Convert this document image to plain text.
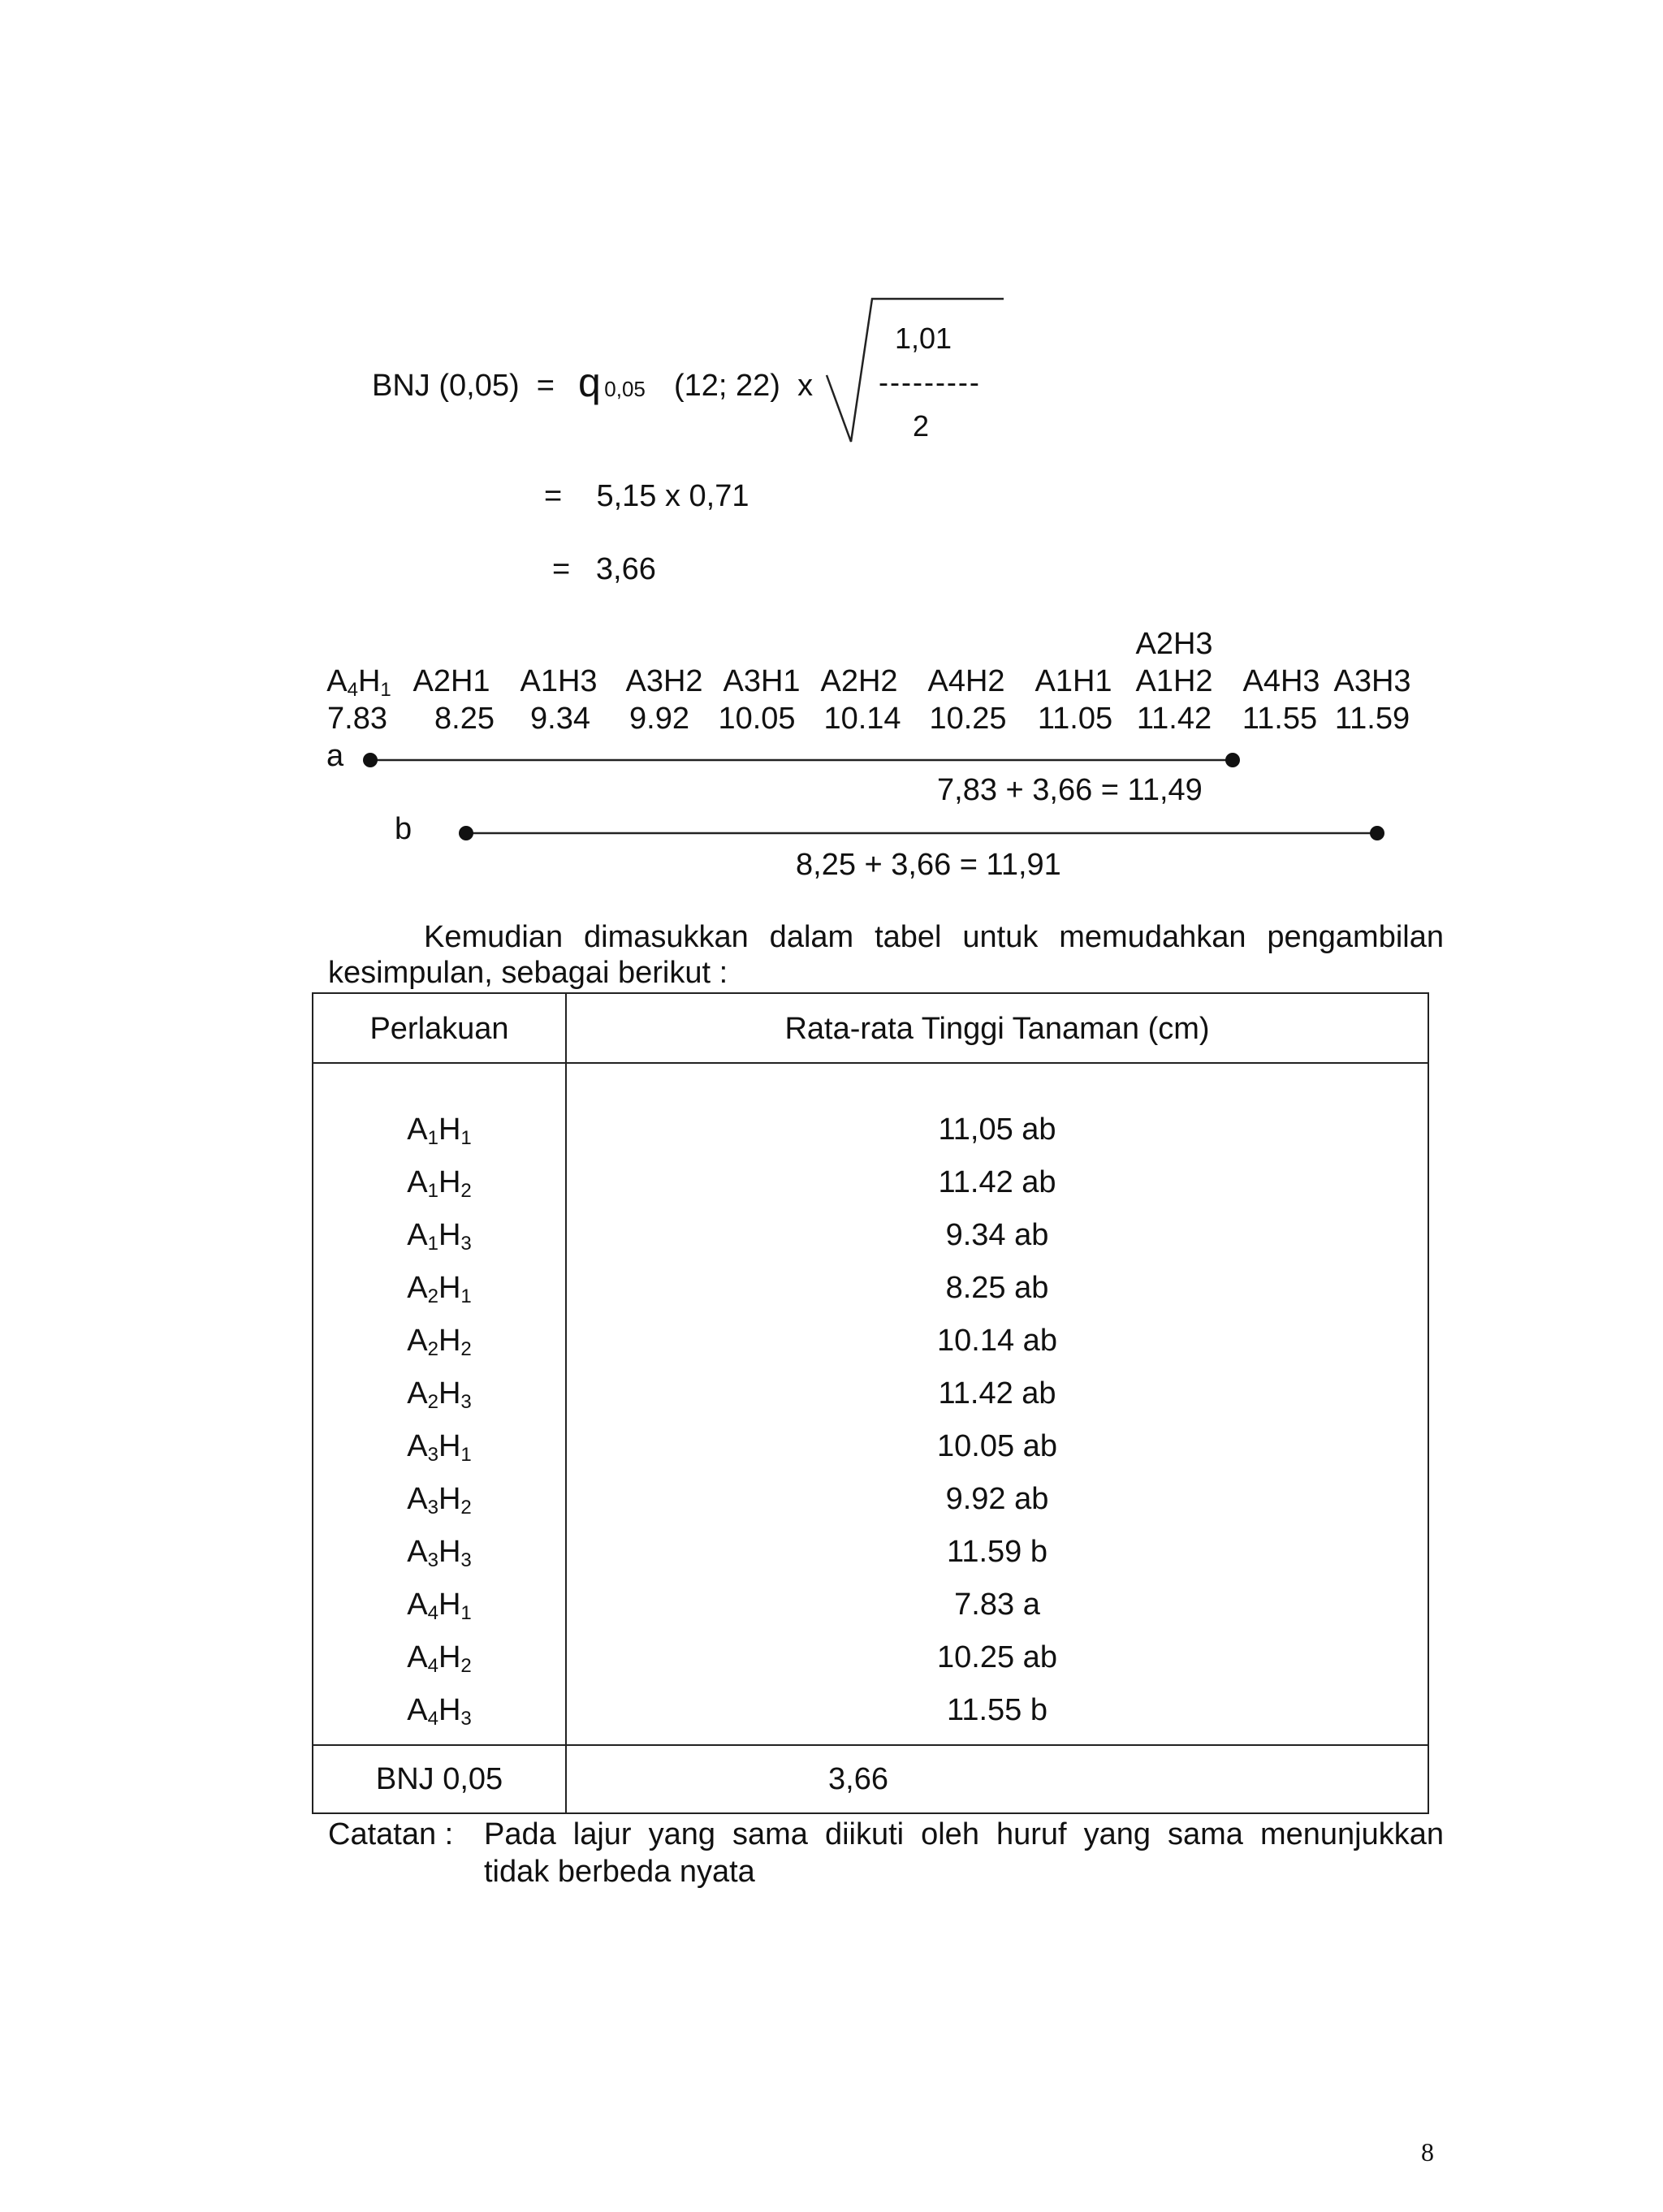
BNJ (0,05) = q 0,05 (12; 22) x
1,01
---------
2
= 5,15 x 0,71
= 3,66
A2H3
$A_4H_1$ A2H1 A1H3 A3H2 A3H1 A2H2 A4H2 A1H1 A1H2 A4H3 A3H3
7.83 8.25 9.34 9.92 10.05 10.14 10.25 11.05 11.42 11.55 11.59
a
7,83 + 3,66 = 11,49
b
8,25 + 3,66 = 11,91
Kemudian dimasukkan dalam tabel untuk memudahkan pengambilan
kesimpulan, sebagai berikut :
Perlakuan	Rata-rata Tinggi Tanaman (cm)
$A_1H_1$	11,05 ab
$A_1H_2$	11.42 ab
$A_1H_3$	9.34 ab
$A_2H_1$	8.25 ab
$A_2H_2$	10.14 ab
$A_2H_3$	11.42 ab
$A_3H_1$	10.05 ab
$A_3H_2$	9.92 ab
$A_3H_3$	11.59 b
$A_4H_1$	7.83 a
$A_4H_2$	10.25 ab
$A_4H_3$	11.55 b
BNJ 0,05	3,66
Catatan : Pada lajur yang sama diikuti oleh huruf yang sama menunjukkan
tidak berbeda nyata
8
